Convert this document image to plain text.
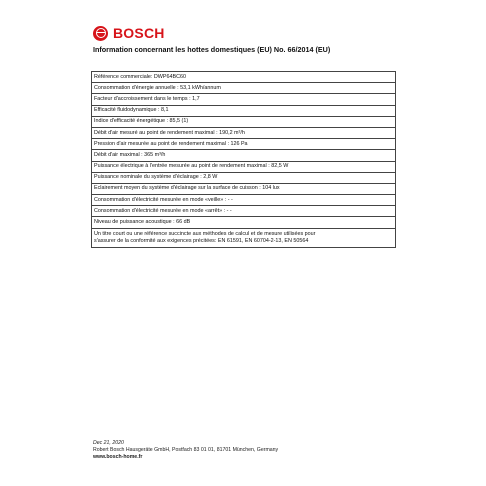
BOSCH
Information concernant les hottes domestiques (EU) No. 66/2014 (EU)
Référence commerciale: DWP64BC60
Consommation d'énergie annuelle : 53,1 kWh/annum
Facteur d'accroissement dans le temps : 1,7
Efficacité fluidodynamique : 8,1
Indice d'efficacité énergétique : 85,5 (1)
Débit d'air mesuré au point de rendement maximal : 190,2 m³/h
Pression d'air mesurée au point de rendement maximal : 126 Pa
Débit d'air maximal : 365 m³/h
Puissance électrique à l'entrée mesurée au point de rendement maximal : 82,5 W
Puissance nominale du système d'éclairage : 2,8 W
Eclairement moyen du système d'éclairage sur la surface de cuisson : 104 lux
Consommation d'électricité mesurée en mode «veille» : - -
Consommation d'électricité mesurée en mode «arrêt» : - -
Niveau de puissance acoustique : 66 dB

Un titre court ou une référence succincte aux méthodes de calcul et de mesure utilisées pour
s'assurer de la conformité aux exigences précitées: EN 61591, EN 60704-2-13, EN 50564
Dec 21, 2020
Robert Bosch Hausgeräte GmbH, Postfach 83 01 01, 81701 München, Germany
www.bosch-home.fr
